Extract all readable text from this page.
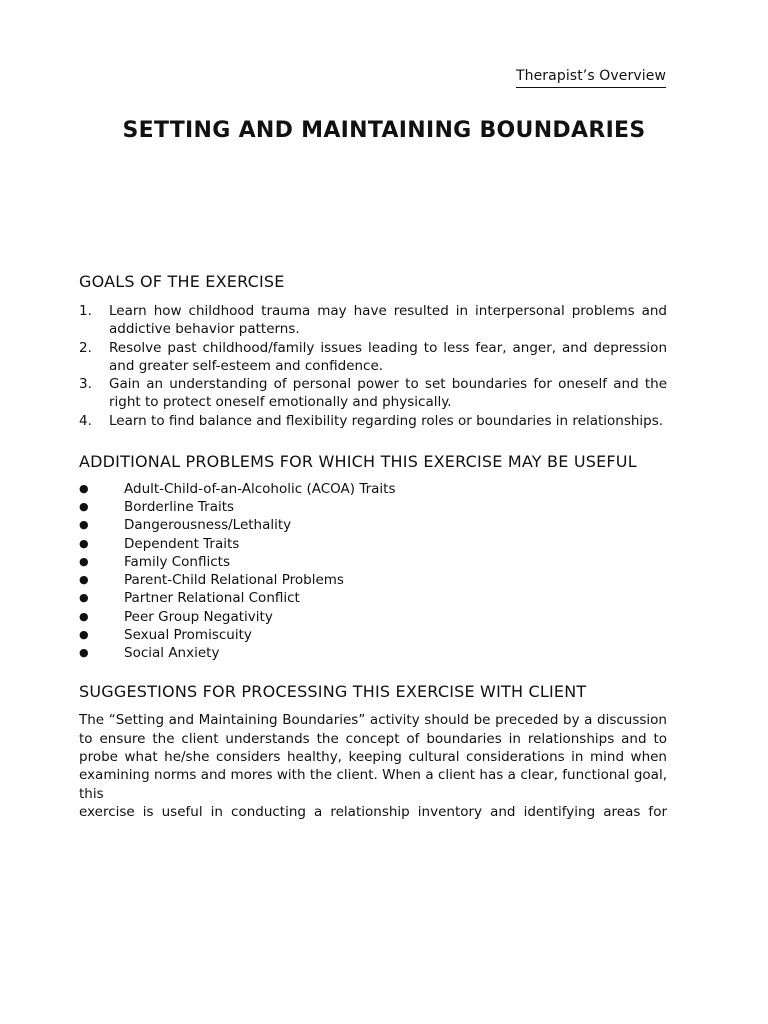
Therapist’s Overview
SETTING AND MAINTAINING BOUNDARIES
GOALS OF THE EXERCISE
1.	Learn how childhood trauma may have resulted in interpersonal problems and
addictive behavior patterns.
2.	Resolve past childhood/family issues leading to less fear, anger, and depression and greater self-esteem and confidence.
3.	Gain an understanding of personal power to set boundaries for oneself and the right to protect oneself emotionally and physically.
4.	Learn to find balance and flexibility regarding roles or boundaries in relationships.
ADDITIONAL PROBLEMS FOR WHICH THIS EXERCISE MAY BE USEFUL
●	Adult-Child-of-an-Alcoholic (ACOA) Traits
●	Borderline Traits
●	Dangerousness/Lethality
●	Dependent Traits
●	Family Conflicts
●	Parent-Child Relational Problems
●	Partner Relational Conflict
●	Peer Group Negativity
●	Sexual Promiscuity
●	Social Anxiety
SUGGESTIONS FOR PROCESSING THIS EXERCISE WITH CLIENT

The “Setting and Maintaining Boundaries” activity should be preceded by a discussion to ensure the client understands the concept of boundaries in relationships and to probe what he/she considers healthy, keeping cultural considerations in mind when examining norms and mores with the client. When a client has a clear, functional goal, this
exercise is useful in conducting a relationship inventory and identifying areas for
